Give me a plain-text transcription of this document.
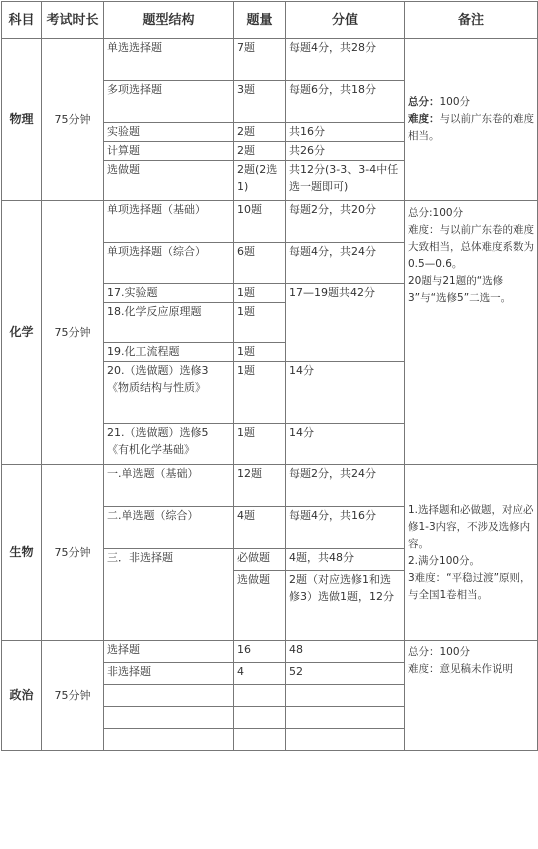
科目	考试时长	题型结构	题量	分值	备注
物理	75分钟	单选选择题	7题	每题4分，共28分	总分：100分
难度：与以前广东卷的难度相当。
		多项选择题	3题	每题6分，共18分	
		实验题	2题	共16分	
		计算题	2题	共26分	
		选做题	2题(2选1)	共12分(3-3、3-4中任选一题即可)	
化学	75分钟	单项选择题（基础）	10题	每题2分，共20分	总分:100分
难度：与以前广东卷的难度大致相当，总体难度系数为0.5—0.6。
20题与21题的“选修3”与“选修5”二选一。
		单项选择题（综合）	6题	每题4分，共24分	
		17.实验题	1题	17—19题共42分	
		18.化学反应原理题	1题		
		19.化工流程题	1题		
		20.（选做题）选修3《物质结构与性质》	1题	14分	
		21.（选做题）选修5《有机化学基础》	1题	14分	
生物	75分钟	一.单选题（基础）	12题	每题2分，共24分	1.选择题和必做题，对应必修1-3内容，不涉及选修内容。
2.满分100分。
3难度：“平稳过渡”原则，与全国1卷相当。
		二.单选题（综合）	4题	每题4分，共16分	
		三．非选择题	必做题	4题，共48分	
			选做题	2题（对应选修1和选修3）选做1题，12分	
政治	75分钟	选择题	16	48	总分：100分
难度：意见稿未作说明
		非选择题	4	52	
